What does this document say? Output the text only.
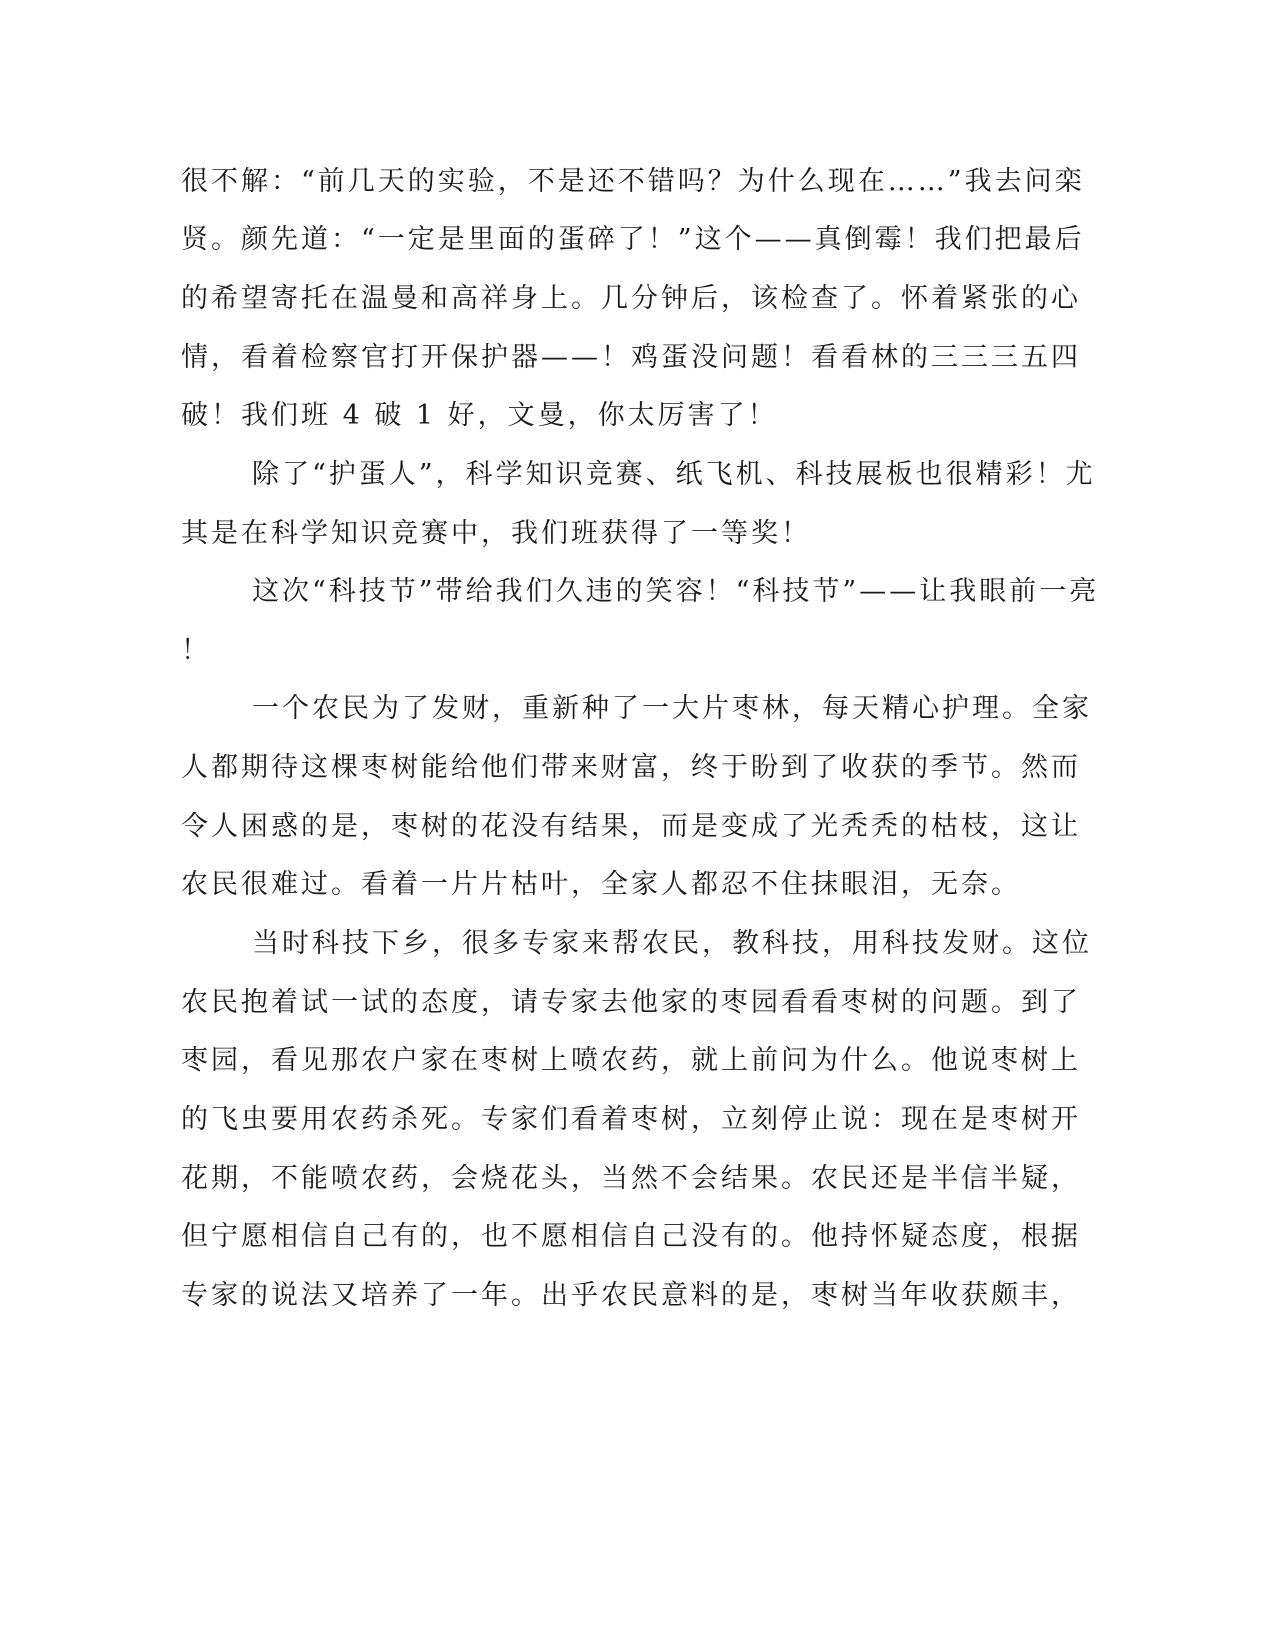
很不解：“前几天的实验，不是还不错吗？为什么现在……”我去问栾

贤。颜先道：“一定是里面的蛋碎了！”这个——真倒霉！我们把最后

的希望寄托在温曼和高祥身上。几分钟后，该检查了。怀着紧张的心

情，看着检察官打开保护器——！鸡蛋没问题！看看林的三三三五四

破！我们班 4 破 1 好，文曼，你太厉害了！

除了“护蛋人”，科学知识竞赛、纸飞机、科技展板也很精彩！尤

其是在科学知识竞赛中，我们班获得了一等奖！

这次“科技节”带给我们久违的笑容！“科技节”——让我眼前一亮

！

一个农民为了发财，重新种了一大片枣林，每天精心护理。全家

人都期待这棵枣树能给他们带来财富，终于盼到了收获的季节。然而

令人困惑的是，枣树的花没有结果，而是变成了光秃秃的枯枝，这让

农民很难过。看着一片片枯叶，全家人都忍不住抹眼泪，无奈。

当时科技下乡，很多专家来帮农民，教科技，用科技发财。这位

农民抱着试一试的态度，请专家去他家的枣园看看枣树的问题。到了

枣园，看见那农户家在枣树上喷农药，就上前问为什么。他说枣树上

的飞虫要用农药杀死。专家们看着枣树，立刻停止说：现在是枣树开

花期，不能喷农药，会烧花头，当然不会结果。农民还是半信半疑，

但宁愿相信自己有的，也不愿相信自己没有的。他持怀疑态度，根据

专家的说法又培养了一年。出乎农民意料的是，枣树当年收获颇丰，
